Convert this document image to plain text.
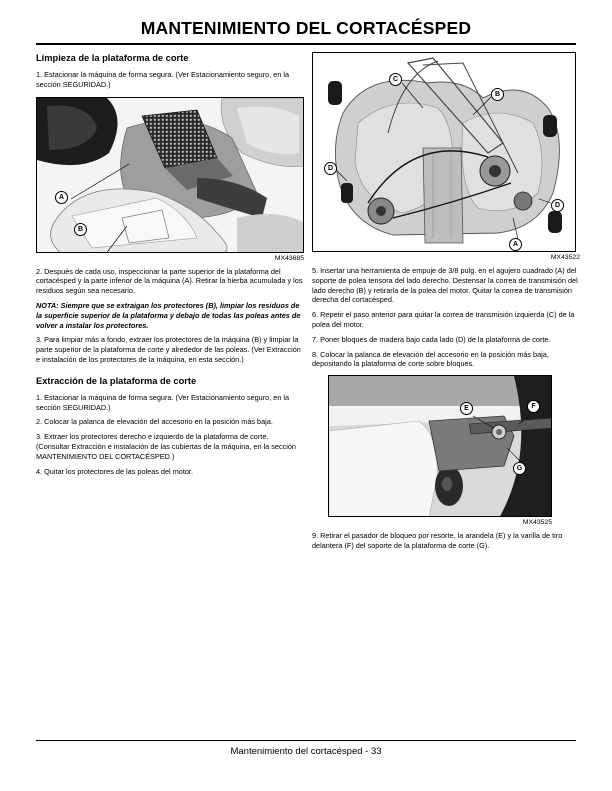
MANTENIMIENTO DEL CORTACÉSPED
Limpieza de la plataforma de corte

1. Estacionar la máquina de forma segura. (Ver Estacionamiento seguro, en la sección SEGURIDAD.)

A
B
MX43685

2. Después de cada uso, inspeccionar la parte superior de la plataforma del cortacésped y la parte inferior de la máquina (A). Retirar la hierba acumulada y los residuos según sea necesario.

NOTA: Siempre que se extraigan los protectores (B), limpiar los residuos de la superficie superior de la plataforma y debajo de todas las poleas antes de volver a instalar los protectores.

3. Para limpiar más a fondo, extraer los protectores de la máquina (B) y limpiar la parte superior de la plataforma de corte y alrededor de las poleas. (Ver Extracción e instalación de los protectores de la máquina, en esta sección.)

Extracción de la plataforma de corte

1. Estacionar la máquina de forma segura. (Ver Estacionamiento seguro, en la sección SEGURIDAD.)

2. Colocar la palanca de elevación del accesorio en la posición más baja.

3. Extraer los protectores derecho e izquierdo de la plataforma de corte. (Consultar Extracción e instalación de las cubiertas de la máquina, en la sección MANTENIMIENTO DEL CORTACÉSPED.)

4. Quitar los protectores de las poleas del motor.

C
B
D
D
A
MX43522

5. Insertar una herramienta de empuje de 3/8 pulg. en el agujero cuadrado (A) del soporte de polea tensora del lado derecho. Destensar la correa de transmisión del lado derecho (B) y retirarla de la polea del motor. Quitar la correa de transmisión derecha del cortacésped.

6. Repetir el paso anterior para quitar la correa de transmisión izquierda (C) de la polea del motor.

7. Poner bloques de madera bajo cada lado (D) de la plataforma de corte.

8. Colocar la palanca de elevación del accesorio en la posición más baja, depositando la plataforma de corte sobre bloques.

E	F
G
MX43525

9. Retirar el pasador de bloqueo por resorte, la arandela (E) y la varilla de tiro delantera (F) del soporte de la plataforma de corte (G).

Mantenimiento del cortacésped - 33
